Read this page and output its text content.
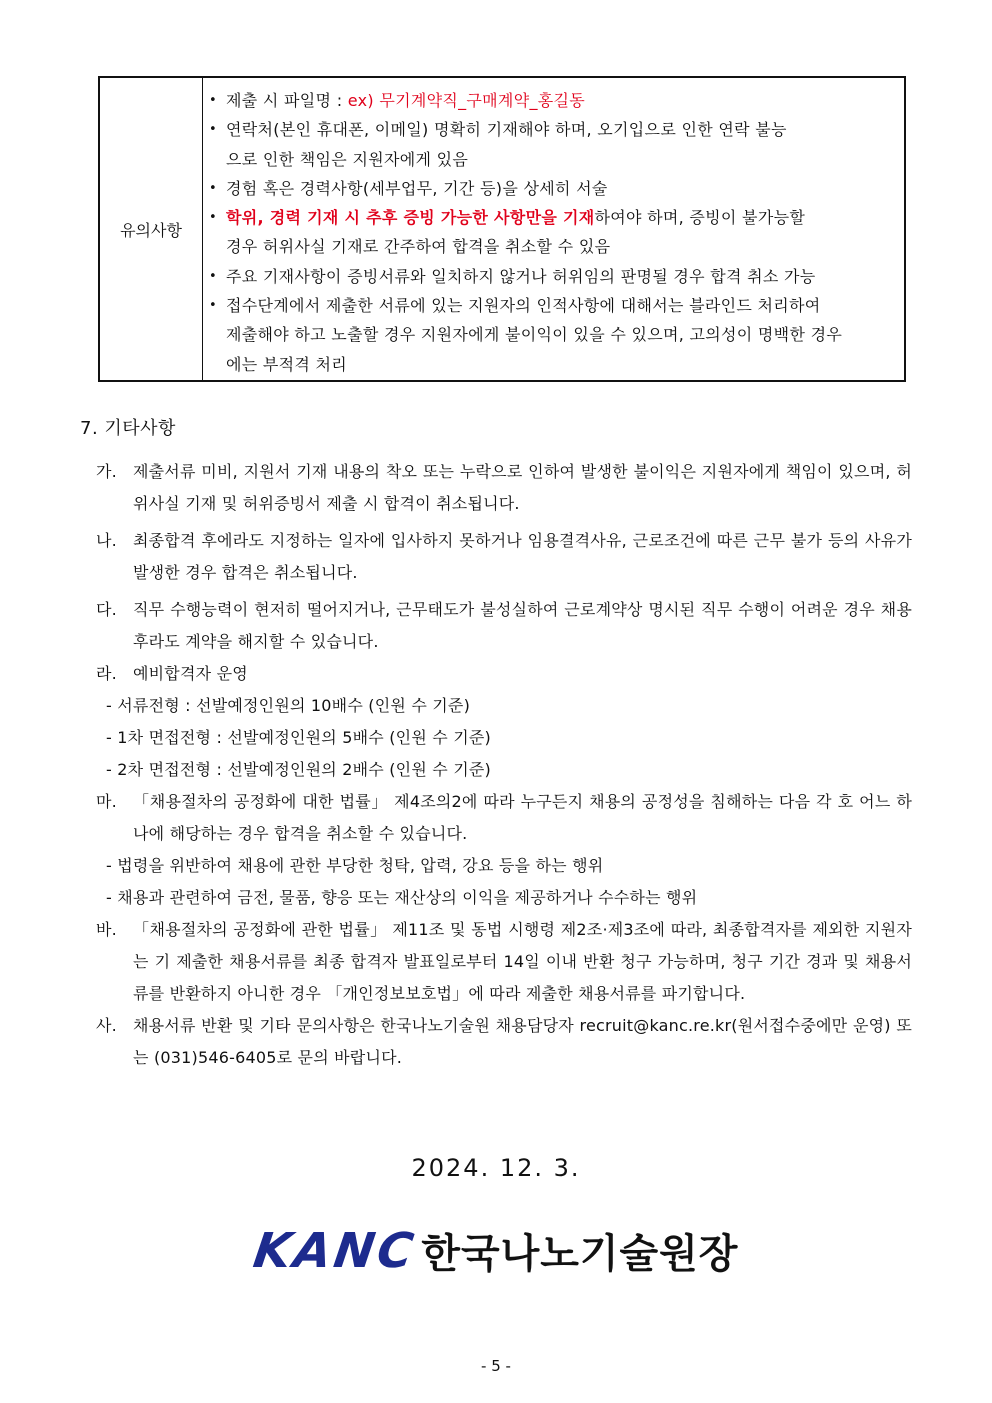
유의사항
• 제출 시 파일명 : ex) 무기계약직_구매계약_홍길동
• 연락처(본인 휴대폰, 이메일) 명확히 기재해야 하며, 오기입으로 인한 연락 불능
으로 인한 책임은 지원자에게 있음
• 경험 혹은 경력사항(세부업무, 기간 등)을 상세히 서술
• 학위, 경력 기재 시 추후 증빙 가능한 사항만을 기재하여야 하며, 증빙이 불가능할
경우 허위사실 기재로 간주하여 합격을 취소할 수 있음
• 주요 기재사항이 증빙서류와 일치하지 않거나 허위임의 판명될 경우 합격 취소 가능
• 접수단계에서 제출한 서류에 있는 지원자의 인적사항에 대해서는 블라인드 처리하여
제출해야 하고 노출할 경우 지원자에게 불이익이 있을 수 있으며, 고의성이 명백한 경우
에는 부적격 처리
7. 기타사항
가. 제출서류 미비, 지원서 기재 내용의 착오 또는 누락으로 인하여 발생한 불이익은 지원자에게 책임이 있으며, 허위사실 기재 및 허위증빙서 제출 시 합격이 취소됩니다.
나. 최종합격 후에라도 지정하는 일자에 입사하지 못하거나 임용결격사유, 근로조건에 따른 근무 불가 등의 사유가 발생한 경우 합격은 취소됩니다.
다. 직무 수행능력이 현저히 떨어지거나, 근무태도가 불성실하여 근로계약상 명시된 직무 수행이 어려운 경우 채용 후라도 계약을 해지할 수 있습니다.
라. 예비합격자 운영
- 서류전형 : 선발예정인원의 10배수 (인원 수 기준)
- 1차 면접전형 : 선발예정인원의 5배수 (인원 수 기준)
- 2차 면접전형 : 선발예정인원의 2배수 (인원 수 기준)
마. 「채용절차의 공정화에 대한 법률」 제4조의2에 따라 누구든지 채용의 공정성을 침해하는 다음 각 호 어느 하나에 해당하는 경우 합격을 취소할 수 있습니다.
- 법령을 위반하여 채용에 관한 부당한 청탁, 압력, 강요 등을 하는 행위
- 채용과 관련하여 금전, 물품, 향응 또는 재산상의 이익을 제공하거나 수수하는 행위
바. 「채용절차의 공정화에 관한 법률」 제11조 및 동법 시행령 제2조·제3조에 따라, 최종합격자를 제외한 지원자는 기 제출한 채용서류를 최종 합격자 발표일로부터 14일 이내 반환 청구 가능하며, 청구 기간 경과 및 채용서류를 반환하지 아니한 경우 「개인정보보호법」에 따라 제출한 채용서류를 파기합니다.
사. 채용서류 반환 및 기타 문의사항은 한국나노기술원 채용담당자 recruit@kanc.re.kr(원서접수중에만 운영) 또는 (031)546-6405로 문의 바랍니다.
2024. 12. 3.
KANC 한국나노기술원장
- 5 -
